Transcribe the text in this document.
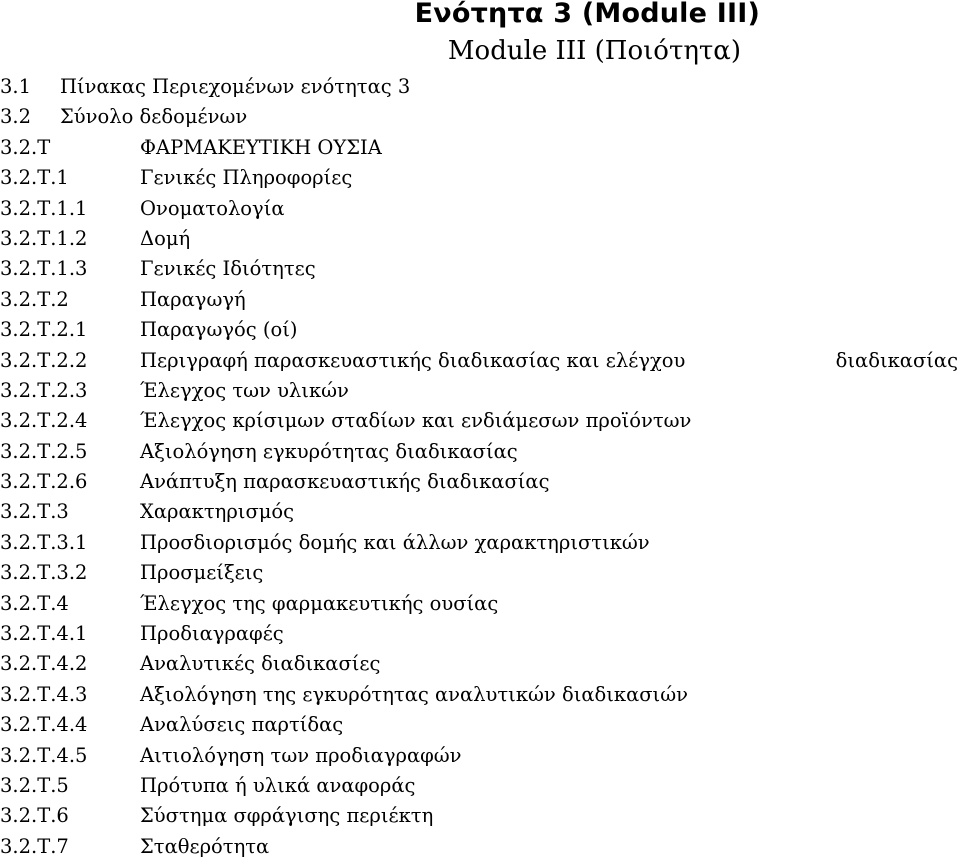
Ενότητα 3 (Module III)
Module III (Ποιότητα)
3.1 Πίνακας Περιεχομένων ενότητας 3
3.2 Σύνολο δεδομένων
3.2.Τ	ΦΑΡΜΑΚΕΥΤΙΚΗ ΟΥΣΙΑ
3.2.Τ.1	Γενικές Πληροφορίες
3.2.Τ.1.1	Ονοματολογία
3.2.Τ.1.2	Δομή
3.2.Τ.1.3	Γενικές Ιδιότητες
3.2.Τ.2	Παραγωγή
3.2.Τ.2.1	Παραγωγός (οί)
3.2.Τ.2.2	Περιγραφή παρασκευαστικής διαδικασίας και ελέγχου	διαδικασίας
3.2.Τ.2.3	Έλεγχος των υλικών
3.2.Τ.2.4	Έλεγχος κρίσιμων σταδίων και ενδιάμεσων προϊόντων
3.2.Τ.2.5	Αξιολόγηση εγκυρότητας διαδικασίας
3.2.Τ.2.6	Ανάπτυξη παρασκευαστικής διαδικασίας
3.2.Τ.3	Χαρακτηρισμός
3.2.Τ.3.1	Προσδιορισμός δομής και άλλων χαρακτηριστικών
3.2.Τ.3.2	Προσμείξεις
3.2.Τ.4	Έλεγχος της φαρμακευτικής ουσίας
3.2.Τ.4.1	Προδιαγραφές
3.2.Τ.4.2	Αναλυτικές διαδικασίες
3.2.Τ.4.3	Αξιολόγηση της εγκυρότητας αναλυτικών διαδικασιών
3.2.Τ.4.4	Αναλύσεις παρτίδας
3.2.Τ.4.5	Αιτιολόγηση των προδιαγραφών
3.2.Τ.5	Πρότυπα ή υλικά αναφοράς
3.2.Τ.6	Σύστημα σφράγισης περιέκτη
3.2.Τ.7	Σταθερότητα
